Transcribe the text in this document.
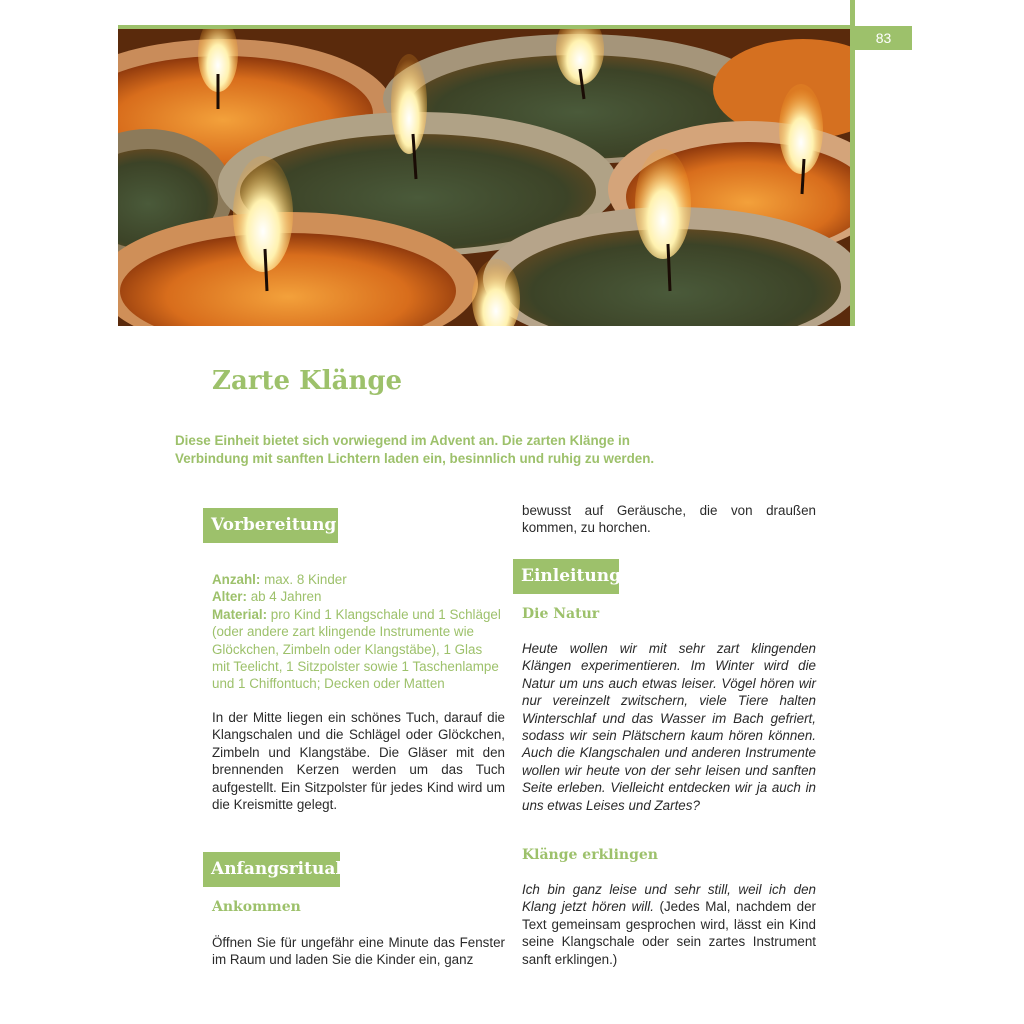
83
Zarte Klänge

Diese Einheit bietet sich vorwiegend im Advent an. Die zarten Klänge in Verbindung mit sanften Lichtern laden ein, besinnlich und ruhig zu werden.

Vorbereitung
Anzahl: max. 8 Kinder
Alter: ab 4 Jahren
Material: pro Kind 1 Klangschale und 1 Schlägel (oder andere zart klingende Instrumente wie Glöckchen, Zimbeln oder Klangstäbe), 1 Glas mit Teelicht, 1 Sitzpolster sowie 1 Taschenlampe und 1 Chiffontuch; Decken oder Matten

In der Mitte liegen ein schönes Tuch, darauf die Klangschalen und die Schlägel oder Glöckchen, Zimbeln und Klangstäbe. Die Gläser mit den brennenden Kerzen werden um das Tuch aufgestellt. Ein Sitzpolster für jedes Kind wird um die Kreismitte gelegt.

Anfangsritual
Ankommen

Öffnen Sie für ungefähr eine Minute das Fenster im Raum und laden Sie die Kinder ein, ganz

bewusst auf Geräusche, die von draußen kommen, zu horchen.

Einleitung
Die Natur

Heute wollen wir mit sehr zart klingenden Klängen experimentieren. Im Winter wird die Natur um uns auch etwas leiser. Vögel hören wir nur vereinzelt zwitschern, viele Tiere halten Winterschlaf und das Wasser im Bach gefriert, sodass wir sein Plätschern kaum hören können. Auch die Klangschalen und anderen Instrumente wollen wir heute von der sehr leisen und sanften Seite erleben. Vielleicht entdecken wir ja auch in uns etwas Leises und Zartes?

Klänge erklingen

Ich bin ganz leise und sehr still, weil ich den Klang jetzt hören will. (Jedes Mal, nachdem der Text gemeinsam gesprochen wird, lässt ein Kind seine Klangschale oder sein zartes Instrument sanft erklingen.)
